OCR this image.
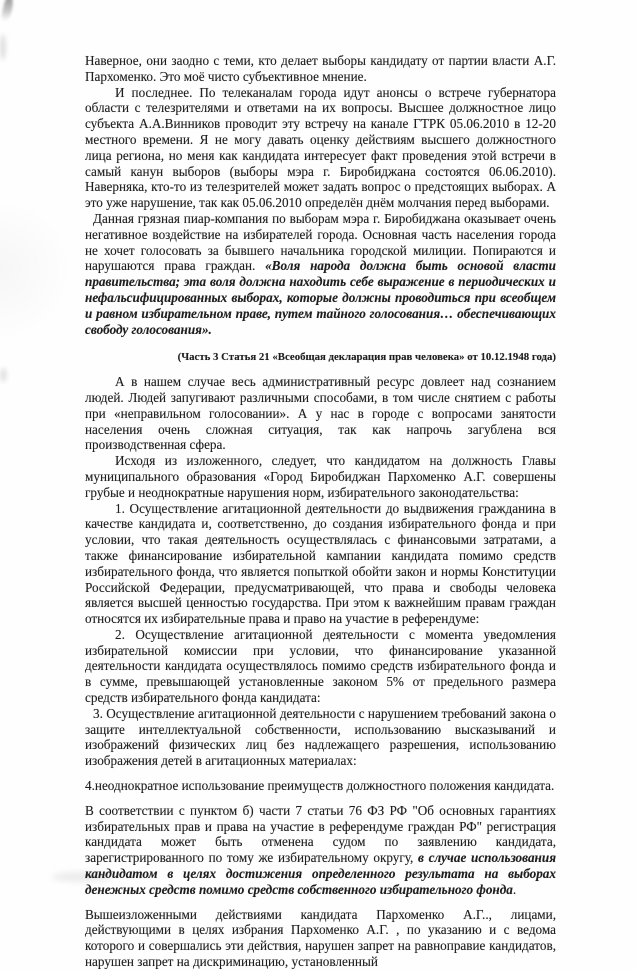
Наверное, они заодно с теми, кто делает выборы кандидату от партии власти А.Г. Пархоменко. Это моё чисто субъективное мнение.

И последнее. По телеканалам города идут анонсы о встрече губернатора области с телезрителями и ответами на их вопросы. Высшее должностное лицо субъекта А.А.Винников проводит эту встречу на канале ГТРК 05.06.2010 в 12-20 местного времени. Я не могу давать оценку действиям высшего должностного лица региона, но меня как кандидата интересует факт проведения этой встречи в самый канун выборов (выборы мэра г. Биробиджана состоятся 06.06.2010). Наверняка, кто-то из телезрителей может задать вопрос о предстоящих выборах. А это уже нарушение, так как 05.06.2010 определён днём молчания перед выборами.

Данная грязная пиар-компания по выборам мэра г. Биробиджана оказывает очень негативное воздействие на избирателей города. Основная часть населения города не хочет голосовать за бывшего начальника городской милиции. Попираются и нарушаются права граждан. «Воля народа должна быть основой власти правительства; эта воля должна находить себе выражение в периодических и нефальсифицированных выборах, которые должны проводиться при всеобщем и равном избирательном праве, путем тайного голосования… обеспечивающих свободу голосования».

(Часть 3 Статья 21 «Всеобщая декларация прав человека» от 10.12.1948 года)

А в нашем случае весь административный ресурс довлеет над сознанием людей. Людей запугивают различными способами, в том числе снятием с работы при «неправильном голосовании». А у нас в городе с вопросами занятости населения очень сложная ситуация, так как напрочь загублена вся производственная сфера.

Исходя из изложенного, следует, что кандидатом на должность Главы муниципального образования «Город Биробиджан Пархоменко А.Г. совершены грубые и неоднократные нарушения норм, избирательного законодательства:

1. Осуществление агитационной деятельности до выдвижения гражданина в качестве кандидата и, соответственно, до создания избирательного фонда и при условии, что такая деятельность осуществлялась с финансовыми затратами, а также финансирование избирательной кампании кандидата помимо средств избирательного фонда, что является попыткой обойти закон и нормы Конституции Российской Федерации, предусматривающей, что права и свободы человека является высшей ценностью государства. При этом к важнейшим правам граждан относятся их избирательные права и право на участие в референдуме:

2. Осуществление агитационной деятельности с момента уведомления избирательной комиссии при условии, что финансирование указанной деятельности кандидата осуществлялось помимо средств избирательного фонда и в сумме, превышающей установленные законом 5% от предельного размера средств избирательного фонда кандидата:

3. Осуществление агитационной деятельности с нарушением требований закона о защите интеллектуальной собственности, использованию высказываний и изображений физических лиц без надлежащего разрешения, использованию изображения детей в агитационных материалах:

4.неоднократное использование преимуществ должностного положения кандидата.

В соответствии с пунктом б) части 7 статьи 76 ФЗ РФ "Об основных гарантиях избирательных прав и права на участие в референдуме граждан РФ" регистрация кандидата может быть отменена судом по заявлению кандидата, зарегистрированного по тому же избирательному округу, в случае использования кандидатом в целях достижения определенного результата на выборах денежных средств помимо средств собственного избирательного фонда.

Вышеизложенными действиями кандидата Пархоменко А.Г.., лицами, действующими в целях избрания Пархоменко А.Г. , по указанию и с ведома которого и совершались эти действия, нарушен запрет на равноправие кандидатов, нарушен запрет на дискриминацию, установленный
